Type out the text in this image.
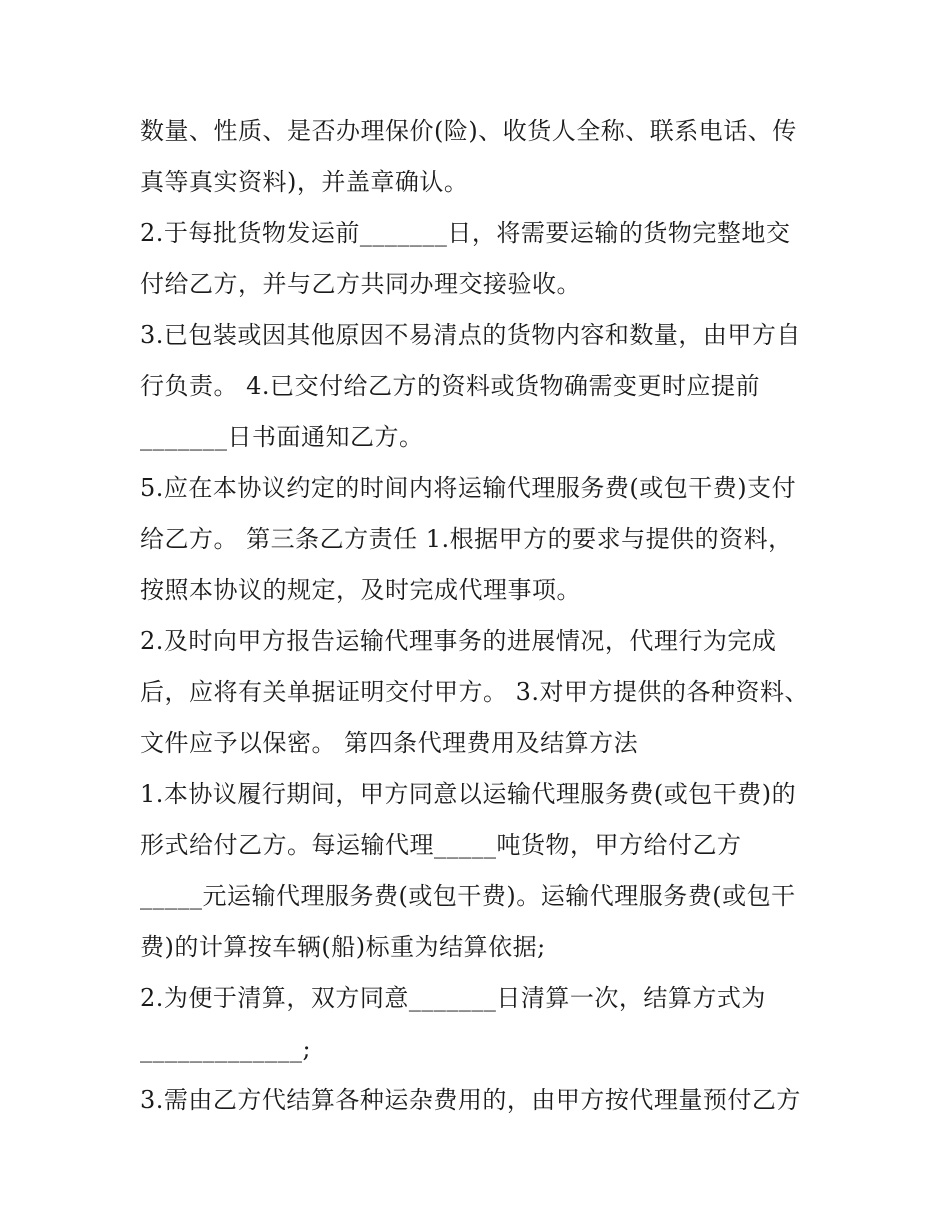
数量、性质、是否办理保价(险)、收货人全称、联系电话、传
真等真实资料)，并盖章确认。
2.于每批货物发运前_______日，将需要运输的货物完整地交
付给乙方，并与乙方共同办理交接验收。
3.已包装或因其他原因不易清点的货物内容和数量，由甲方自
行负责。 4.已交付给乙方的资料或货物确需变更时应提前
_______日书面通知乙方。
5.应在本协议约定的时间内将运输代理服务费(或包干费)支付
给乙方。 第三条乙方责任 1.根据甲方的要求与提供的资料，
按照本协议的规定，及时完成代理事项。
2.及时向甲方报告运输代理事务的进展情况，代理行为完成
后，应将有关单据证明交付甲方。 3.对甲方提供的各种资料、
文件应予以保密。 第四条代理费用及结算方法
1.本协议履行期间，甲方同意以运输代理服务费(或包干费)的
形式给付乙方。每运输代理_____吨货物，甲方给付乙方
_____元运输代理服务费(或包干费)。运输代理服务费(或包干
费)的计算按车辆(船)标重为结算依据;
2.为便于清算，双方同意_______日清算一次，结算方式为
_____________;
3.需由乙方代结算各种运杂费用的，由甲方按代理量预付乙方
